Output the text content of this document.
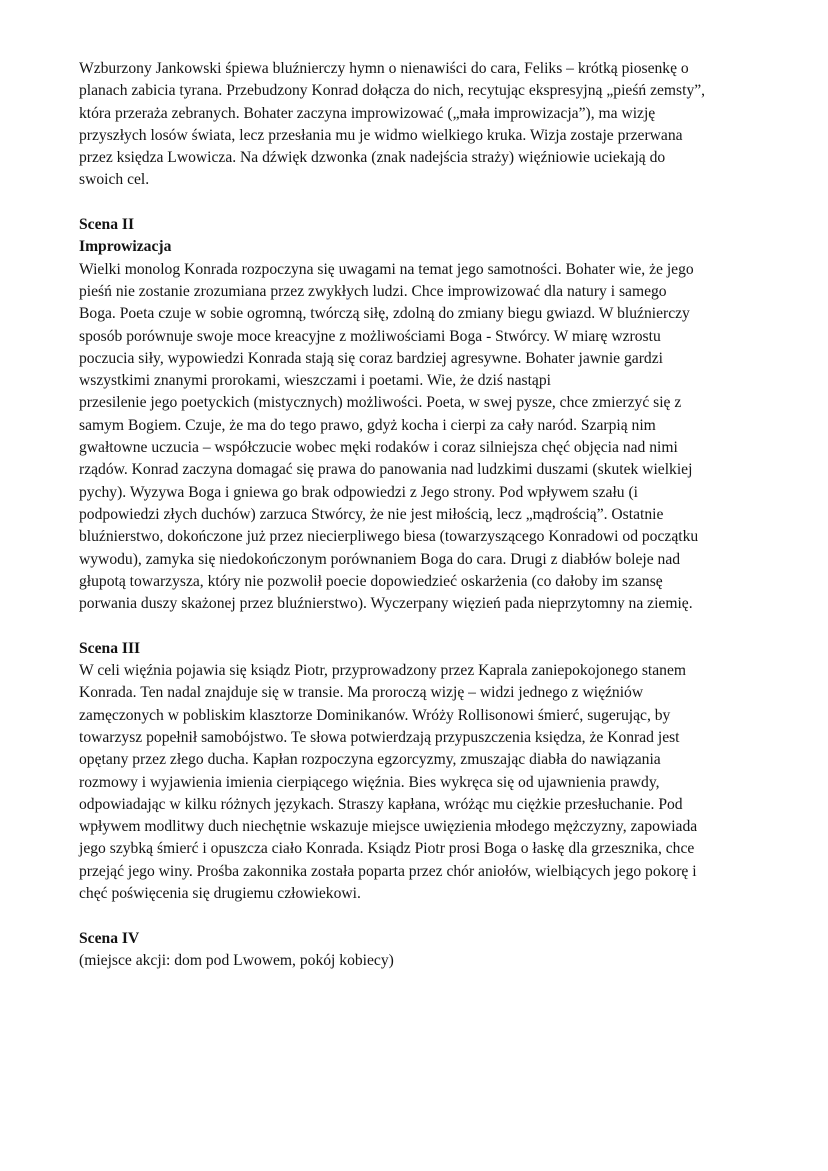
Wzburzony Jankowski śpiewa bluźnierczy hymn o nienawiści do cara, Feliks – krótką piosenkę o
planach zabicia tyrana. Przebudzony Konrad dołącza do nich, recytując ekspresyjną „pieśń zemsty”,
która przeraża zebranych. Bohater zaczyna improwizować („mała improwizacja”), ma wizję
przyszłych losów świata, lecz przesłania mu je widmo wielkiego kruka. Wizja zostaje przerwana
przez księdza Lwowicza. Na dźwięk dzwonka (znak nadejścia straży) więźniowie uciekają do
swoich cel.
Scena II
Improwizacja
Wielki monolog Konrada rozpoczyna się uwagami na temat jego samotności. Bohater wie, że jego
pieśń nie zostanie zrozumiana przez zwykłych ludzi. Chce improwizować dla natury i samego
Boga. Poeta czuje w sobie ogromną, twórczą siłę, zdolną do zmiany biegu gwiazd. W bluźnierczy
sposób porównuje swoje moce kreacyjne z możliwościami Boga - Stwórcy. W miarę wzrostu
poczucia siły, wypowiedzi Konrada stają się coraz bardziej agresywne. Bohater jawnie gardzi
wszystkimi znanymi prorokami, wieszczami i poetami. Wie, że dziś nastąpi
przesilenie jego poetyckich (mistycznych) możliwości. Poeta, w swej pysze, chce zmierzyć się z
samym Bogiem. Czuje, że ma do tego prawo, gdyż kocha i cierpi za cały naród. Szarpią nim
gwałtowne uczucia – współczucie wobec męki rodaków i coraz silniejsza chęć objęcia nad nimi
rządów. Konrad zaczyna domagać się prawa do panowania nad ludzkimi duszami (skutek wielkiej
pychy). Wyzywa Boga i gniewa go brak odpowiedzi z Jego strony. Pod wpływem szału (i
podpowiedzi złych duchów) zarzuca Stwórcy, że nie jest miłością, lecz „mądrością”. Ostatnie
bluźnierstwo, dokończone już przez niecierpliwego biesa (towarzyszącego Konradowi od początku
wywodu), zamyka się niedokończonym porównaniem Boga do cara. Drugi z diabłów boleje nad
głupotą towarzysza, który nie pozwolił poecie dopowiedzieć oskarżenia (co dałoby im szansę
porwania duszy skażonej przez bluźnierstwo). Wyczerpany więzień pada nieprzytomny na ziemię.
Scena III
W celi więźnia pojawia się ksiądz Piotr, przyprowadzony przez Kaprala zaniepokojonego stanem
Konrada. Ten nadal znajduje się w transie. Ma proroczą wizję – widzi jednego z więźniów
zamęczonych w pobliskim klasztorze Dominikanów. Wróży Rollisonowi śmierć, sugerując, by
towarzysz popełnił samobójstwo. Te słowa potwierdzają przypuszczenia księdza, że Konrad jest
opętany przez złego ducha. Kapłan rozpoczyna egzorcyzmy, zmuszając diabła do nawiązania
rozmowy i wyjawienia imienia cierpiącego więźnia. Bies wykręca się od ujawnienia prawdy,
odpowiadając w kilku różnych językach. Straszy kapłana, wróżąc mu ciężkie przesłuchanie. Pod
wpływem modlitwy duch niechętnie wskazuje miejsce uwięzienia młodego mężczyzny, zapowiada
jego szybką śmierć i opuszcza ciało Konrada. Ksiądz Piotr prosi Boga o łaskę dla grzesznika, chce
przejąć jego winy. Prośba zakonnika została poparta przez chór aniołów, wielbiących jego pokorę i
chęć poświęcenia się drugiemu człowiekowi.
Scena IV
(miejsce akcji: dom pod Lwowem, pokój kobiecy)
